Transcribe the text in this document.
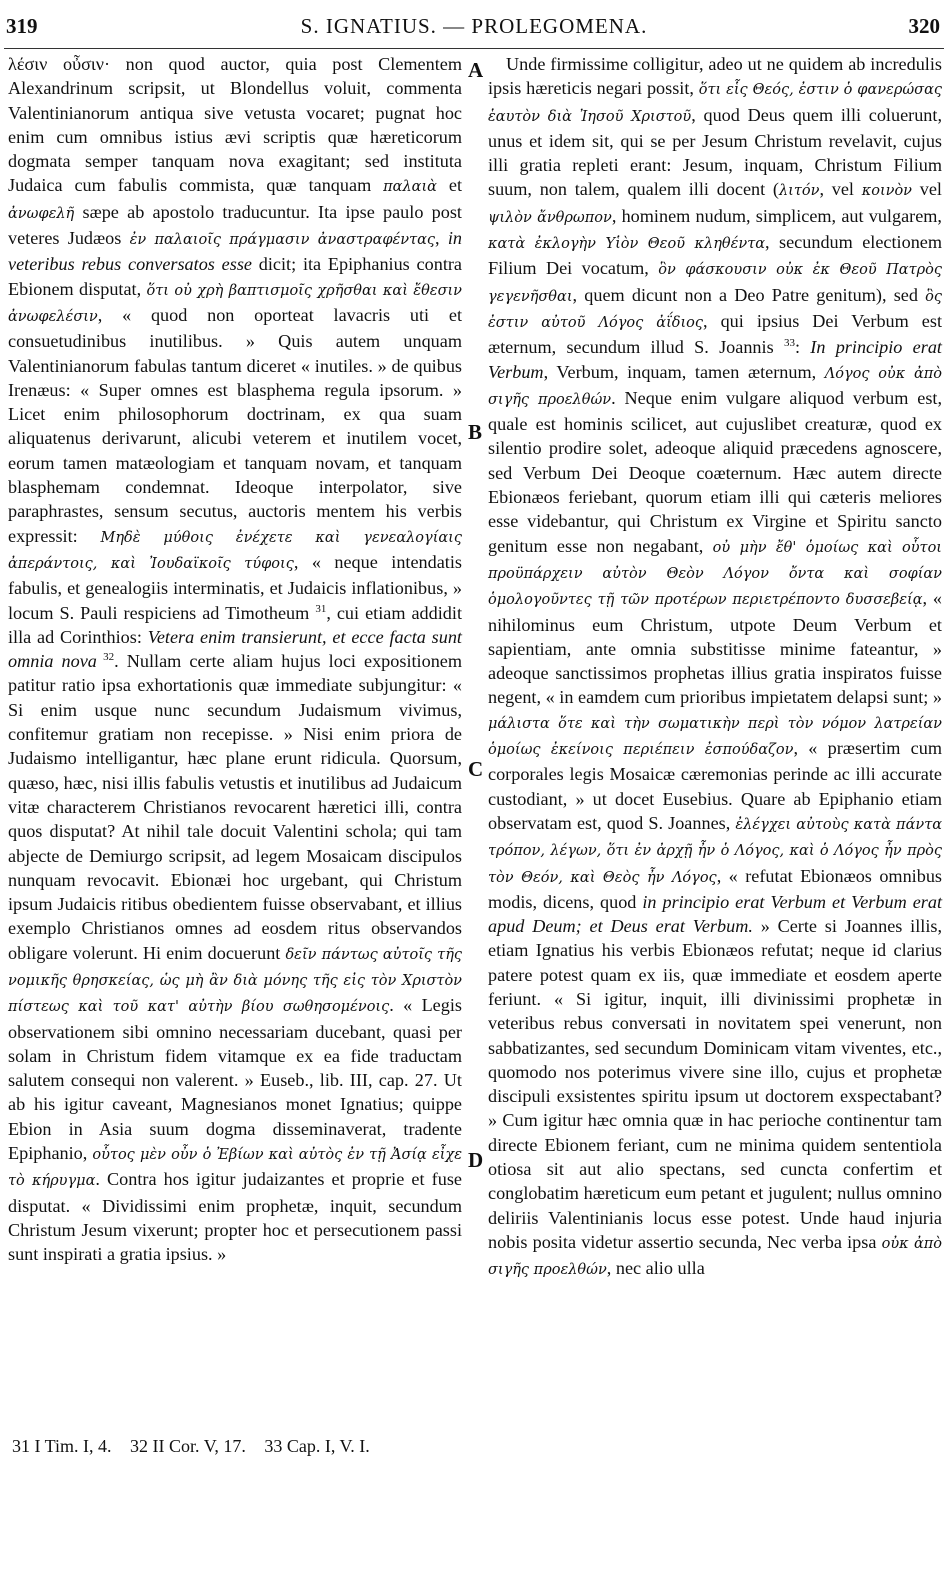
319	S. IGNATIUS. — PROLEGOMENA.	320

λέσιν οὖσιν· non quod auctor, quia post Clementem Alexandrinum scripsit, ut Blondellus voluit, commenta Valentinianorum antiqua sive vetusta vocaret; pugnat hoc enim cum omnibus istius ævi scriptis quæ hæreticorum dogmata semper tanquam nova exagitant; sed instituta Judaica cum fabulis commista, quæ tanquam παλαιὰ et ἀνωφελῆ sæpe ab apostolo traducuntur. Ita ipse paulo post veteres Judæos ἐν παλαιοῖς πράγμασιν ἀναστραφέντας, in veteribus rebus conversatos esse dicit; ita Epiphanius contra Ebionem disputat, ὅτι οὐ χρὴ βαπτισμοῖς χρῆσθαι καὶ ἔθεσιν ἀνωφελέσιν, « quod non oporteat lavacris uti et consuetudinibus inutilibus. » Quis autem unquam Valentinianorum fabulas tantum diceret « inutiles. » de quibus Irenæus: « Super omnes est blasphema regula ipsorum. » Licet enim philosophorum doctrinam, ex qua suam aliquatenus derivarunt, alicubi veterem et inutilem vocet, eorum tamen matæologiam et tanquam novam, et tanquam blasphemam condemnat. Ideoque interpolator, sive paraphrastes, sensum secutus, auctoris mentem his verbis expressit: Μηδὲ μύθοις ἐνέχετε καὶ γενεαλογίαις ἀπεράντοις, καὶ Ἰουδαϊκοῖς τύφοις, « neque intendatis fabulis, et genealogiis interminatis, et Judaicis inflationibus, » locum S. Pauli respiciens ad Timotheum $^{31}$, cui etiam addidit illa ad Corinthios: Vetera enim transierunt, et ecce facta sunt omnia nova $^{32}$. Nullam certe aliam hujus loci expositionem patitur ratio ipsa exhortationis quæ immediate subjungitur: « Si enim usque nunc secundum Judaismum vivimus, confitemur gratiam non recepisse. » Nisi enim priora de Judaismo intelligantur, hæc plane erunt ridicula. Quorsum, quæso, hæc, nisi illis fabulis vetustis et inutilibus ad Judaicum vitæ characterem Christianos revocarent hæretici illi, contra quos disputat? At nihil tale docuit Valentini schola; qui tam abjecte de Demiurgo scripsit, ad legem Mosaicam discipulos nunquam revocavit. Ebionæi hoc urgebant, qui Christum ipsum Judaicis ritibus obedientem fuisse observabant, et illius exemplo Christianos omnes ad eosdem ritus observandos obligare volerunt. Hi enim docuerunt δεῖν πάντως αὐτοῖς τῆς νομικῆς θρησκείας, ὡς μὴ ἂν διὰ μόνης τῆς εἰς τὸν Χριστὸν πίστεως καὶ τοῦ κατ' αὐτὴν βίου σωθησομένοις. « Legis observationem sibi omnino necessariam ducebant, quasi per solam in Christum fidem vitamque ex ea fide traductam salutem consequi non valerent. » Euseb., lib. III, cap. 27. Ut ab his igitur caveant, Magnesianos monet Ignatius; quippe Ebion in Asia suum dogma disseminaverat, tradente Epiphanio, οὗτος μὲν οὖν ὁ Ἐβίων καὶ αὐτὸς ἐν τῇ Ἀσίᾳ εἶχε τὸ κήρυγμα. Contra hos igitur judaizantes et proprie et fuse disputat. « Dividissimi enim prophetæ, inquit, secundum Christum Jesum vixerunt; propter hoc et persecutionem passi sunt inspirati a gratia ipsius. »

Unde firmissime colligitur, adeo ut ne quidem ab incredulis ipsis hæreticis negari possit, ὅτι εἷς Θεός, ἐστιν ὁ φανερώσας ἑαυτὸν διὰ Ἰησοῦ Χριστοῦ, quod Deus quem illi coluerunt, unus et idem sit, qui se per Jesum Christum revelavit, cujus illi gratia repleti erant: Jesum, inquam, Christum Filium suum, non talem, qualem illi docent (λιτόν, vel κοινὸν vel ψιλὸν ἄνθρωπον, hominem nudum, simplicem, aut vulgarem, κατὰ ἐκλογὴν Υἱὸν Θεοῦ κληθέντα, secundum electionem Filium Dei vocatum, ὃν φάσκουσιν οὐκ ἐκ Θεοῦ Πατρὸς γεγενῆσθαι, quem dicunt non a Deo Patre genitum), sed ὃς ἐστιν αὐτοῦ Λόγος ἀΐδιος, qui ipsius Dei Verbum est æternum, secundum illud S. Joannis $^{33}$: In principio erat Verbum, Verbum, inquam, tamen æternum, Λόγος οὐκ ἀπὸ σιγῆς προελθών. Neque enim vulgare aliquod verbum est, quale est hominis scilicet, aut cujuslibet creaturæ, quod ex silentio prodire solet, adeoque aliquid præcedens agnoscere, sed Verbum Dei Deoque coæternum. Hæc autem directe Ebionæos feriebant, quorum etiam illi qui cæteris meliores esse videbantur, qui Christum ex Virgine et Spiritu sancto genitum esse non negabant, οὐ μὴν ἔθ' ὁμοίως καὶ οὗτοι προϋπάρχειν αὐτὸν Θεὸν Λόγον ὄντα καὶ σοφίαν ὁμολογοῦντες τῇ τῶν προτέρων περιετρέποντο δυσσεβείᾳ, « nihilominus eum Christum, utpote Deum Verbum et sapientiam, ante omnia substitisse minime fateantur, » adeoque sanctissimos prophetas illius gratia inspiratos fuisse negent, « in eamdem cum prioribus impietatem delapsi sunt; » μάλιστα ὅτε καὶ τὴν σωματικὴν περὶ τὸν νόμον λατρείαν ὁμοίως ἐκείνοις περιέπειν ἐσπούδαζον, « præsertim cum corporales legis Mosaicæ cæremonias perinde ac illi accurate custodiant, » ut docet Eusebius. Quare ab Epiphanio etiam observatam est, quod S. Joannes, ἐλέγχει αὐτοὺς κατὰ πάντα τρόπον, λέγων, ὅτι ἐν ἀρχῇ ἦν ὁ Λόγος, καὶ ὁ Λόγος ἦν πρὸς τὸν Θεόν, καὶ Θεὸς ἦν Λόγος, « refutat Ebionæos omnibus modis, dicens, quod in principio erat Verbum et Verbum erat apud Deum; et Deus erat Verbum. » Certe si Joannes illis, etiam Ignatius his verbis Ebionæos refutat; neque id clarius patere potest quam ex iis, quæ immediate et eosdem aperte feriunt. « Si igitur, inquit, illi divinissimi prophetæ in veteribus rebus conversati in novitatem spei venerunt, non sabbatizantes, sed secundum Dominicam vitam viventes, etc., quomodo nos poterimus vivere sine illo, cujus et prophetæ discipuli exsistentes spiritu ipsum ut doctorem exspectabant? » Cum igitur hæc omnia quæ in hac perioche continentur tam directe Ebionem feriant, cum ne minima quidem sententiola otiosa sit aut alio spectans, sed cuncta confertim et conglobatim hæreticum eum petant et jugulent; nullus omnino deliriis Valentinianis locus esse potest. Unde haud injuria nobis posita videtur assertio secunda, Nec verba ipsa οὐκ ἀπὸ σιγῆς προελθών, nec alio ulla

A
B
C
D
31 I Tim. I, 4. 32 II Cor. V, 17. 33 Cap. I, V. I.
